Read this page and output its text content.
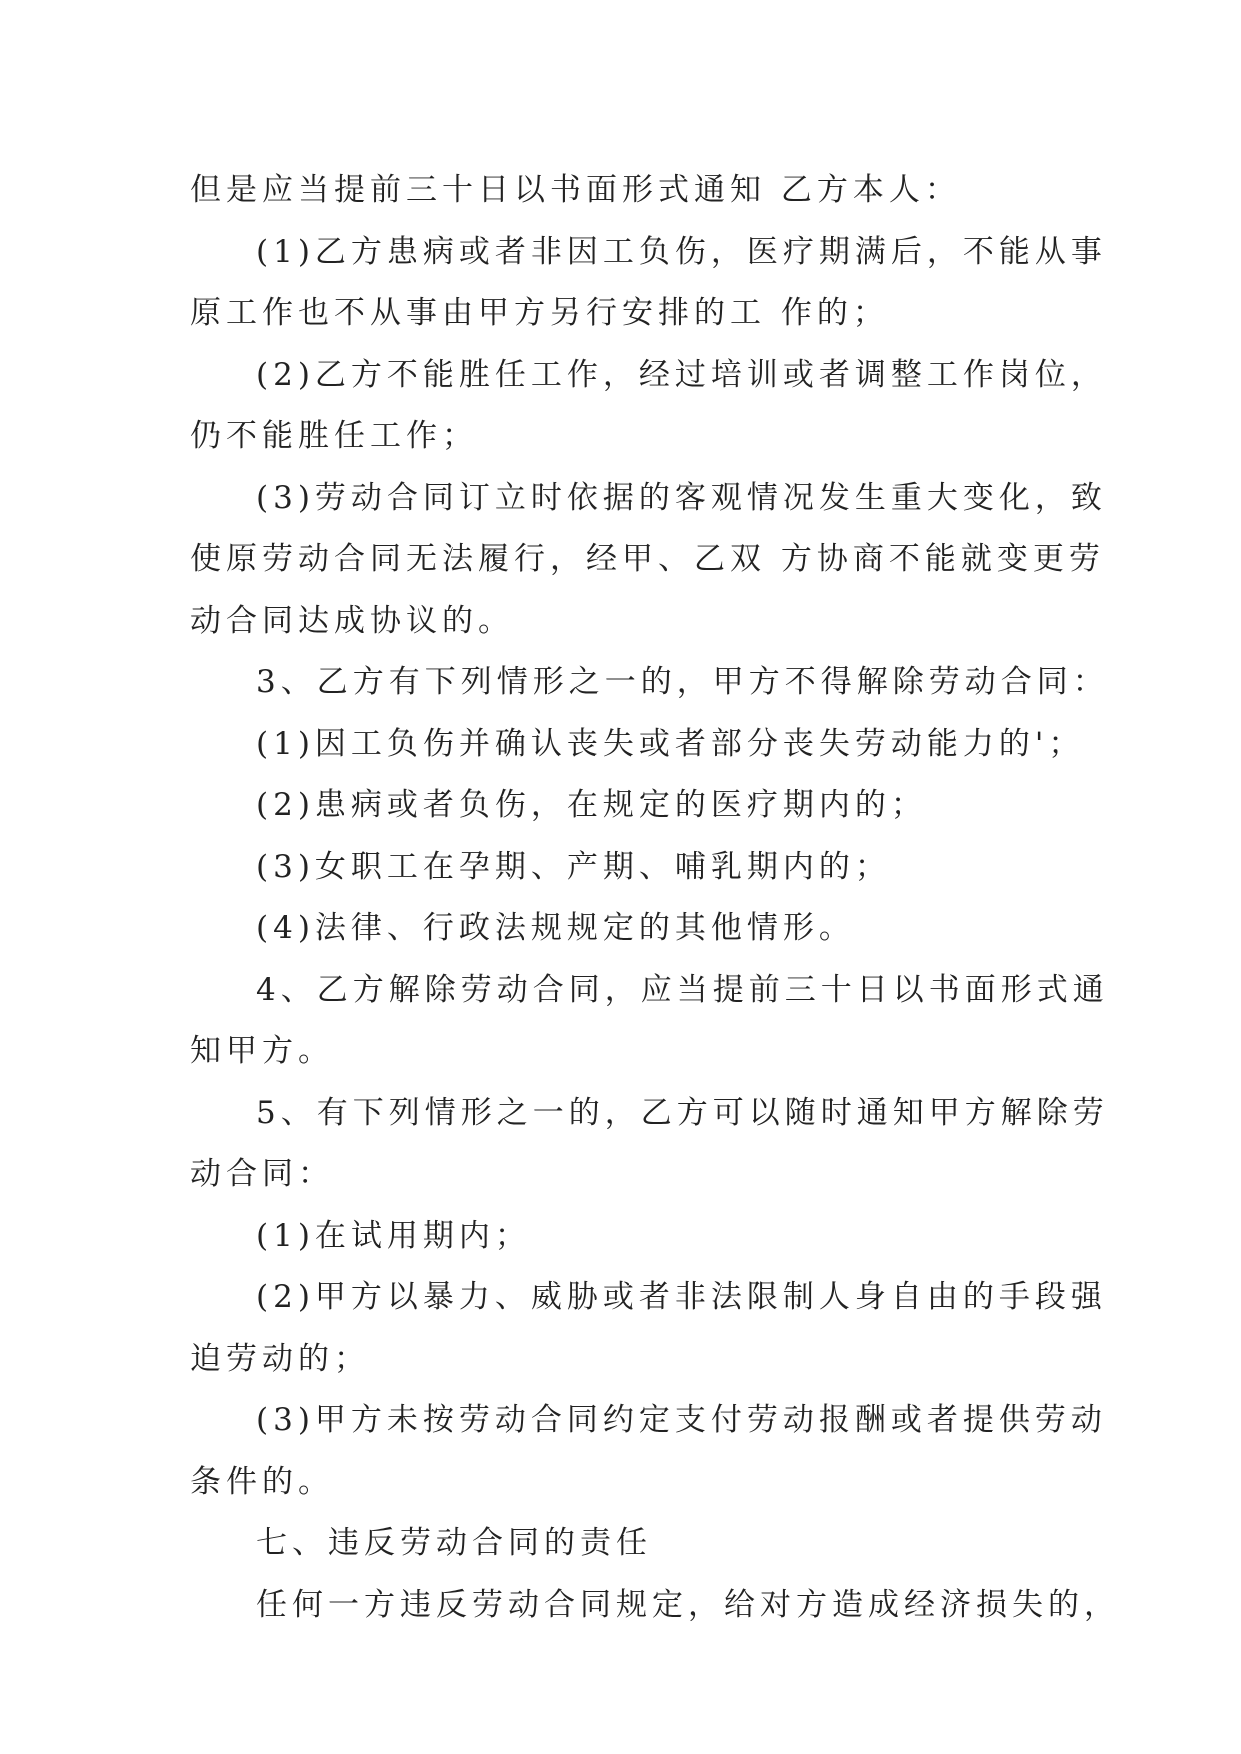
但是应当提前三十日以书面形式通知 乙方本人：
(1)乙方患病或者非因工负伤，医疗期满后，不能从事
原工作也不从事由甲方另行安排的工 作的；
(2)乙方不能胜任工作，经过培训或者调整工作岗位，
仍不能胜任工作；
(3)劳动合同订立时依据的客观情况发生重大变化，致
使原劳动合同无法履行，经甲、乙双 方协商不能就变更劳
动合同达成协议的。
3、乙方有下列情形之一的，甲方不得解除劳动合同：
(1)因工负伤并确认丧失或者部分丧失劳动能力的'；
(2)患病或者负伤，在规定的医疗期内的；
(3)女职工在孕期、产期、哺乳期内的；
(4)法律、行政法规规定的其他情形。
4、乙方解除劳动合同，应当提前三十日以书面形式通
知甲方。
5、有下列情形之一的，乙方可以随时通知甲方解除劳
动合同：
(1)在试用期内；
(2)甲方以暴力、威胁或者非法限制人身自由的手段强
迫劳动的；
(3)甲方未按劳动合同约定支付劳动报酬或者提供劳动
条件的。
七、违反劳动合同的责任
任何一方违反劳动合同规定，给对方造成经济损失的，
